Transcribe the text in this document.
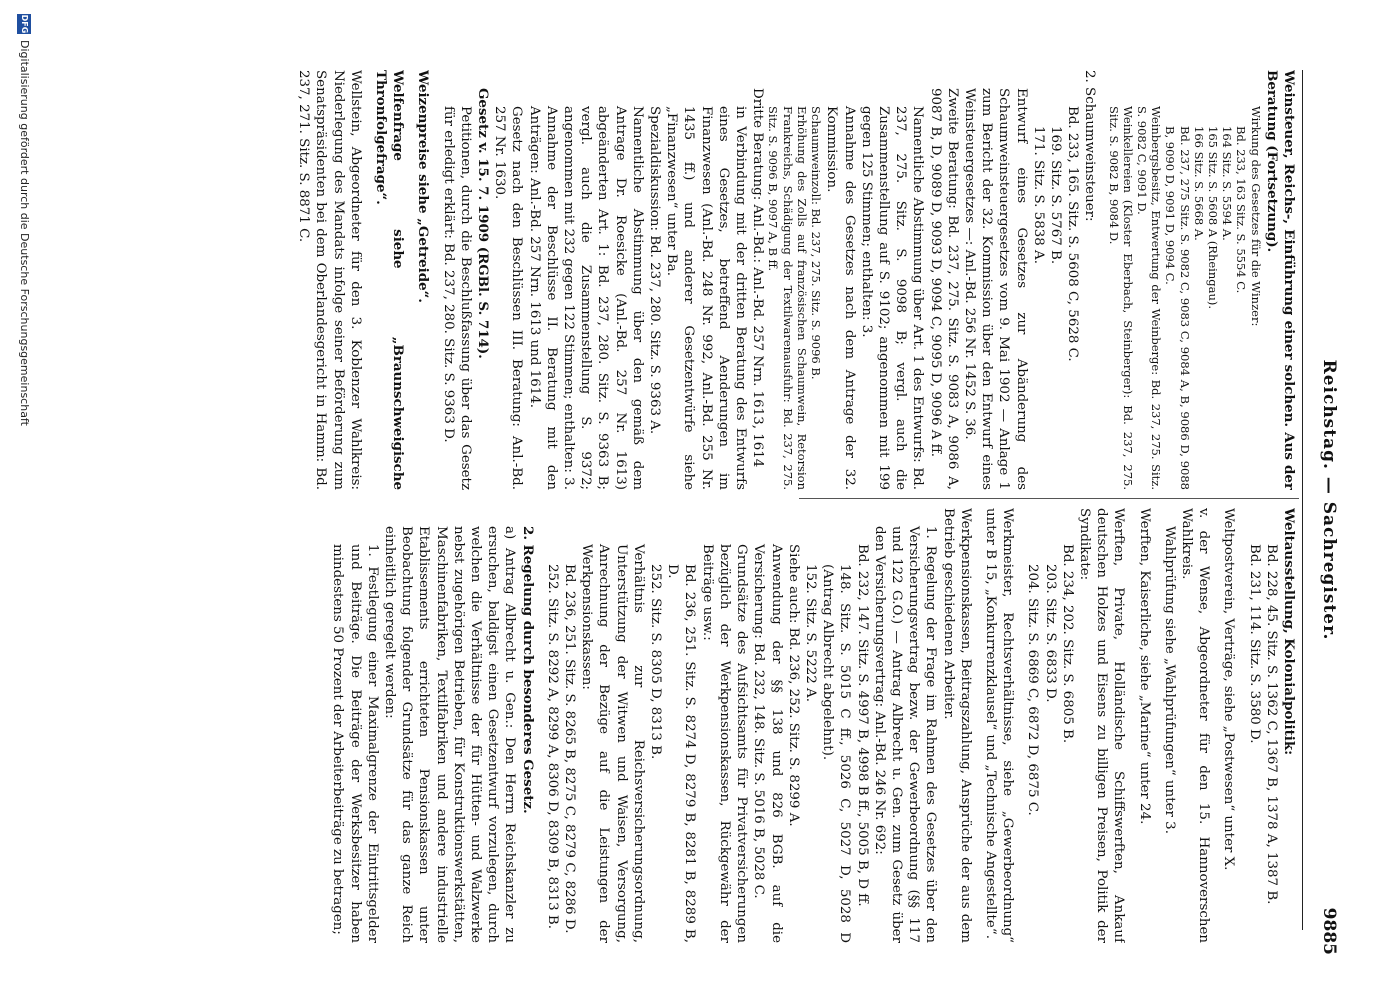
Reichstag. — Sachregister.
9885

Weinsteuer, Reichs-, Einführung einer solchen. Aus der Beratung (Fortsetzung).

Wirkung des Gesetzes für die Winzer:

Bd. 233, 163 Sitz. S. 5554 C.

164 Sitz. S. 5594 A.

165 Sitz. S. 5608 A (Rheingau).

166 Sitz. S. 5668 A.

Bd. 237, 275 Sitz. S. 9082 C, 9083 C, 9084 A, B, 9086 D, 9088 B, 9090 D, 9091 D, 9094 C.

Weinbergsbesitz, Entwertung der Weinberge: Bd. 237, 275. Sitz. S. 9082 C, 9091 D.

Weinkellereien (Kloster Eberbach, Steinberger): Bd. 237, 275. Sitz. S. 9082 B, 9084 D.

2. Schaumweinsteuer:

Bd. 233, 165. Sitz. S. 5608 C, 5628 C.

169. Sitz. S. 5767 B.

171. Sitz. S. 5838 A.

Entwurf eines Gesetzes zur Abänderung des Schaumweinsteuergesetzes vom 9. Mai 1902 — Anlage 1 zum Bericht der 32. Kommission über den Entwurf eines Weinsteuergesetzes —: Anl.-Bd. 256 Nr. 1452 S. 36.

Zweite Beratung: Bd. 237, 275. Sitz. S. 9083 A, 9086 A, 9087 B, D, 9089 D, 9093 D, 9094 C, 9095 D, 9096 A ff.

Namentliche Abstimmung über Art. 1 des Entwurfs: Bd. 237, 275. Sitz. S. 9098 B; vergl. auch die Zusammenstellung auf S. 9102; angenommen mit 199 gegen 125 Stimmen; enthalten: 3.

Annahme des Gesetzes nach dem Antrage der 32. Kommission.

Schaumweinzoll: Bd. 237, 275. Sitz. S. 9096 B.

Erhöhung des Zolls auf französischen Schaumwein, Retorsion Frankreichs, Schädigung der Textilwarenausfuhr: Bd. 237, 275. Sitz. S. 9096 B, 9097 A, B ff.

Dritte Beratung: Anl.-Bd.: Anl.-Bd. 257 Nrn. 1613, 1614

in Verbindung mit der dritten Beratung des Entwurfs eines Gesetzes, betreffend Aenderungen im Finanzwesen (Anl.-Bd. 248 Nr. 992, Anl.-Bd. 255 Nr. 1435 ff.) und anderer Gesetzentwürfe siehe „Finanzwesen“ unter Ba.

Spezialdiskussion: Bd. 237, 280. Sitz. S. 9363 A.

Namentliche Abstimmung über den gemäß dem Antrage Dr. Roesicke (Anl.-Bd. 257 Nr. 1613) abgeänderten Art. 1: Bd. 237, 280. Sitz. S. 9363 B; vergl. auch die Zusammenstellung S. 9372; angenommen mit 232 gegen 122 Stimmen; enthalten: 3.

Annahme der Beschlüsse II. Beratung mit den Anträgen: Anl.-Bd. 257 Nrn. 1613 und 1614.

Gesetz nach den Beschlüssen III. Beratung: Anl.-Bd. 257 Nr. 1630.

Gesetz v. 15. 7. 1909 (RGBl. S. 714).

Petitionen, durch die Beschlußfassung über das Gesetz für erledigt erklärt: Bd. 237, 280. Sitz. S. 9363 D.

Weizenpreise siehe „Getreide“.

Welfenfrage siehe „Braunschweigische Thronfolgefrage“.

Wellstein, Abgeordneter für den 3. Koblenzer Wahlkreis: Niederlegung des Mandats infolge seiner Beförderung zum Senatspräsidenten bei dem Oberlandesgericht in Hamm: Bd. 237, 271. Sitz. S. 8871 C.

Weltausstellung, Kolonialpolitik:

Bd. 228, 45. Sitz. S. 1362 C, 1367 B, 1378 A, 1387 B.

Bd. 231, 114. Sitz. S. 3580 D.

Weltpostverein, Verträge, siehe „Postwesen“ unter X.

v. der Wense, Abgeordneter für den 15. Hannoverschen Wahlkreis.

Wahlprüfung siehe „Wahlprüfungen“ unter 3.

Werften, Kaiserliche, siehe „Marine“ unter 24.

Werften, Private, Holländische Schiffswerften, Ankauf deutschen Holzes und Eisens zu billigen Preisen, Politik der Syndikate:

Bd. 234, 202. Sitz. S. 6805 B.

203. Sitz. S. 6833 D.

204. Sitz. S. 6869 C, 6872 D, 6875 C.

Werkmeister, Rechtsverhältnisse, siehe „Gewerbeordnung“ unter B 15, „Konkurrenzklausel“ und „Technische Angestellte“.

Werkpensionskassen, Beitragszahlung, Ansprüche der aus dem Betrieb geschiedenen Arbeiter.

1. Regelung der Frage im Rahmen des Gesetzes über den Versicherungsvertrag bezw. der Gewerbeordnung (§§ 117 und 122 G.O.) — Antrag Albrecht u. Gen. zum Gesetz über den Versicherungsvertrag: Anl.-Bd. 246 Nr. 692:

Bd. 232, 147. Sitz. S. 4997 B, 4998 B ff., 5005 B, D ff.

148. Sitz. S. 5015 C ff., 5026 C, 5027 D, 5028 D (Antrag Albrecht abgelehnt).

152. Sitz. S. 5222 A.

Siehe auch: Bd. 236, 252. Sitz. S. 8299 A.

Anwendung der §§ 138 und 826 BGB. auf die Versicherung: Bd. 232, 148. Sitz. S. 5016 B, 5028 C.

Grundsätze des Aufsichtsamts für Privatversicherungen bezüglich der Werkpensionskassen, Rückgewähr der Beiträge usw.:

Bd. 236, 251. Sitz. S. 8274 D, 8279 B, 8281 B, 8289 B, D.

252. Sitz. S. 8305 D, 8313 B.

Verhältnis zur Reichsversicherungsordnung, Unterstützung der Witwen und Waisen, Versorgung, Anrechnung der Bezüge auf die Leistungen der Werkpensionskassen:

Bd. 236, 251. Sitz. S. 8265 B, 8275 C, 8279 C, 8286 D.

252. Sitz. S. 8292 A, 8299 A, 8306 D, 8309 B, 8313 B.

2. Regelung durch besonderes Gesetz.

a) Antrag Albrecht u. Gen.: Den Herrn Reichskanzler zu ersuchen, baldigst einen Gesetzentwurf vorzulegen, durch welchen die Verhältnisse der für Hütten- und Walzwerke nebst zugehörigen Betrieben, für Konstruktionswerkstätten, Maschinenfabriken, Textilfabriken und andere industrielle Etablissements errichteten Pensionskassen unter Beobachtung folgender Grundsätze für das ganze Reich einheitlich geregelt werden:

1. Festlegung einer Maximalgrenze der Eintrittsgelder und Beiträge. Die Beiträge der Werksbesitzer haben mindestens 50 Prozent der Arbeiterbeiträge zu betragen;

DFG
Digitalisierung gefördert durch die Deutsche Forschungsgemeinschaft
